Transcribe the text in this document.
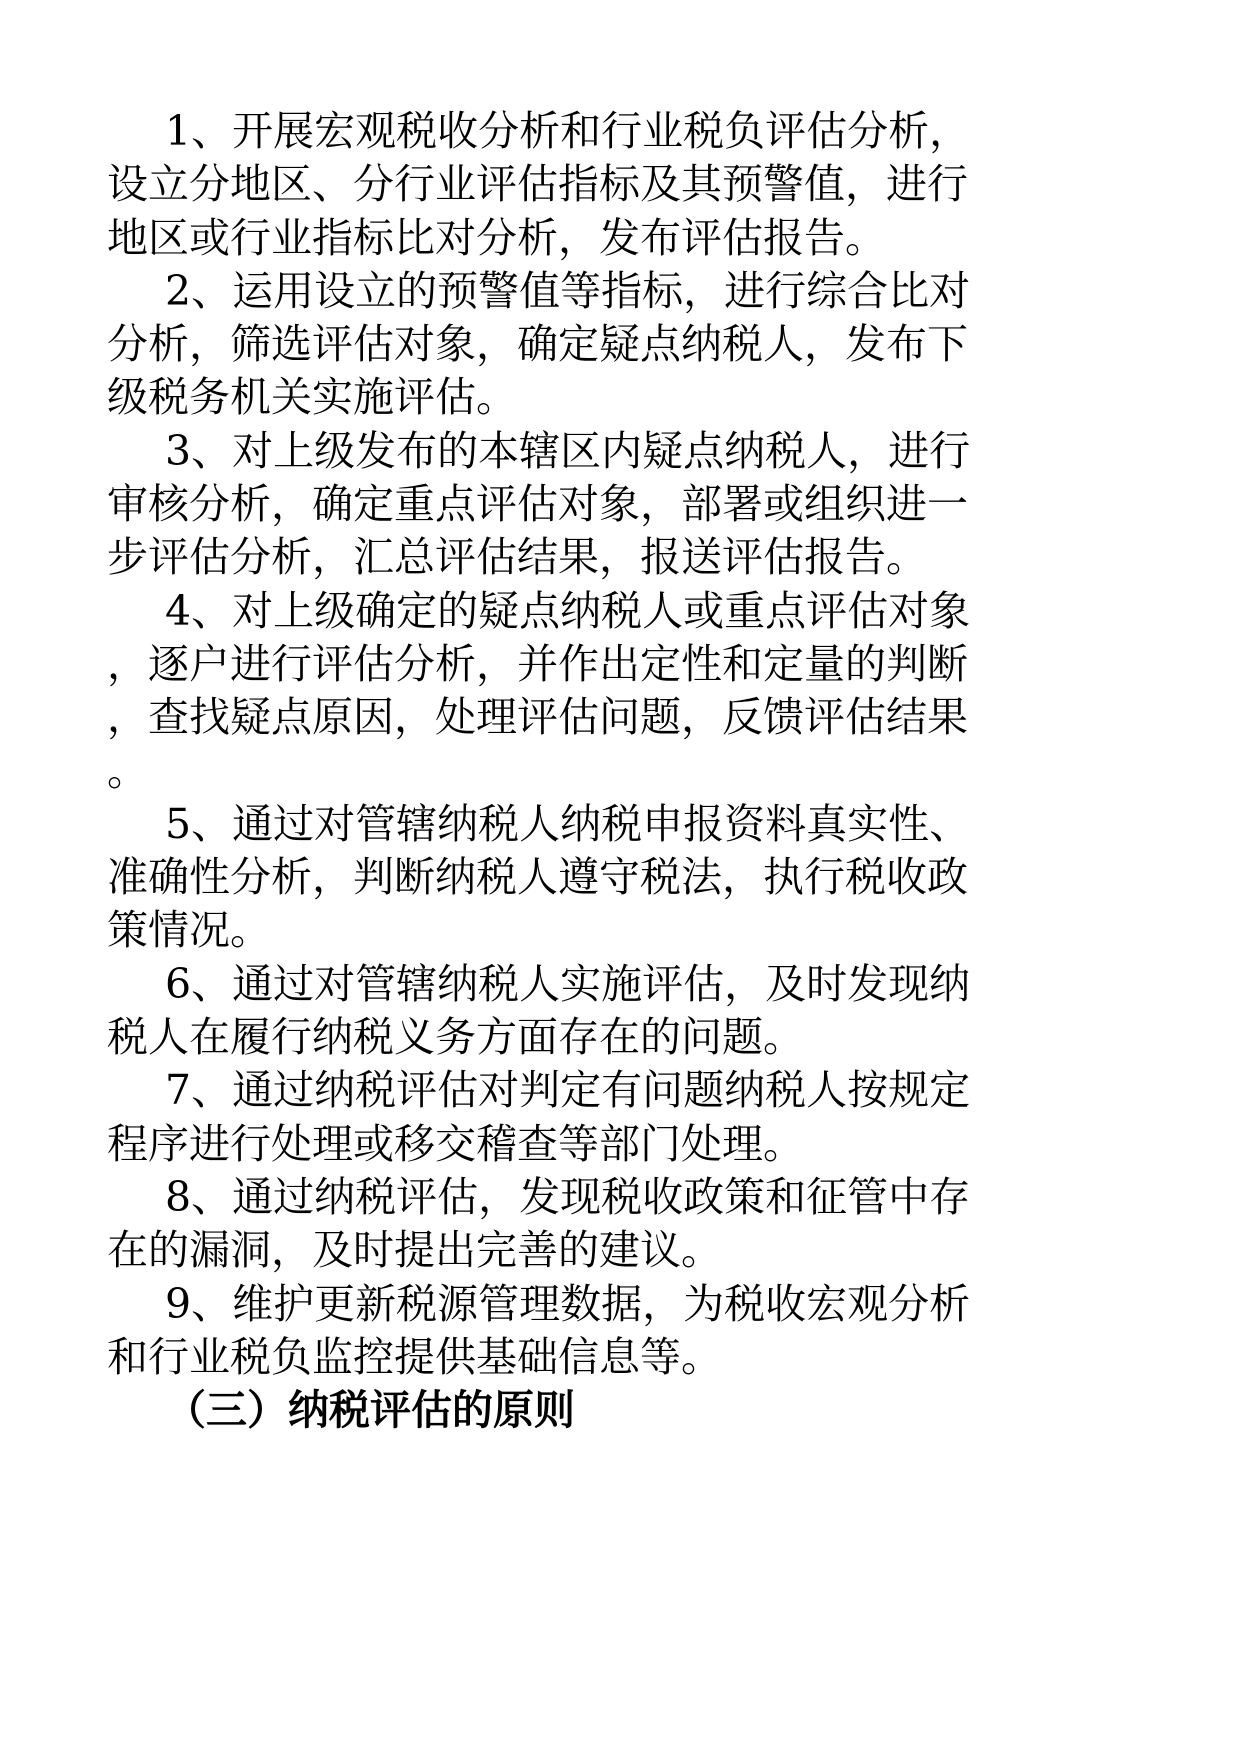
1、开展宏观税收分析和行业税负评估分析，
设立分地区、分行业评估指标及其预警值，进行
地区或行业指标比对分析，发布评估报告。
2、运用设立的预警值等指标，进行综合比对
分析，筛选评估对象，确定疑点纳税人，发布下
级税务机关实施评估。
3、对上级发布的本辖区内疑点纳税人，进行
审核分析，确定重点评估对象，部署或组织进一
步评估分析，汇总评估结果，报送评估报告。
4、对上级确定的疑点纳税人或重点评估对象
，逐户进行评估分析，并作出定性和定量的判断
，查找疑点原因，处理评估问题，反馈评估结果
。
5、通过对管辖纳税人纳税申报资料真实性、
准确性分析，判断纳税人遵守税法，执行税收政
策情况。
6、通过对管辖纳税人实施评估，及时发现纳
税人在履行纳税义务方面存在的问题。
7、通过纳税评估对判定有问题纳税人按规定
程序进行处理或移交稽查等部门处理。
8、通过纳税评估，发现税收政策和征管中存
在的漏洞，及时提出完善的建议。
9、维护更新税源管理数据，为税收宏观分析
和行业税负监控提供基础信息等。
（三）纳税评估的原则
